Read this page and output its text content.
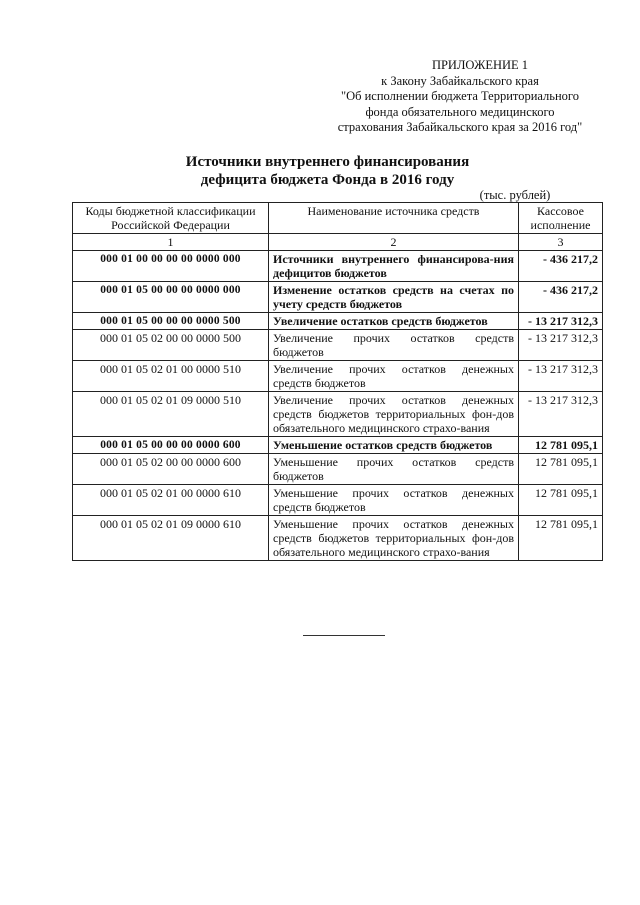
ПРИЛОЖЕНИЕ 1
к Закону Забайкальского края
"Об исполнении бюджета Территориального
фонда обязательного медицинского
страхования Забайкальского края за 2016 год"
Источники внутреннего финансирования
дефицита бюджета Фонда в 2016 году
(тыс. рублей)
Коды бюджетной классификации Российской Федерации	Наименование источника средств	Кассовое исполнение
1	2	3
000 01 00 00 00 00 0000 000	Источники внутреннего финансирова-ния дефицитов бюджетов	- 436 217,2
000 01 05 00 00 00 0000 000	Изменение остатков средств на счетах по учету средств бюджетов	- 436 217,2
000 01 05 00 00 00 0000 500	Увеличение остатков средств бюджетов	- 13 217 312,3
000 01 05 02 00 00 0000 500	Увеличение прочих остатков средств бюджетов	- 13 217 312,3
000 01 05 02 01 00 0000 510	Увеличение прочих остатков денежных средств бюджетов	- 13 217 312,3
000 01 05 02 01 09 0000 510	Увеличение прочих остатков денежных средств бюджетов территориальных фон-дов обязательного медицинского страхо-вания	- 13 217 312,3
000 01 05 00 00 00 0000 600	Уменьшение остатков средств бюджетов	12 781 095,1
000 01 05 02 00 00 0000 600	Уменьшение прочих остатков средств бюджетов	12 781 095,1
000 01 05 02 01 00 0000 610	Уменьшение прочих остатков денежных средств бюджетов	12 781 095,1
000 01 05 02 01 09 0000 610	Уменьшение прочих остатков денежных средств бюджетов территориальных фон-дов обязательного медицинского страхо-вания	12 781 095,1
